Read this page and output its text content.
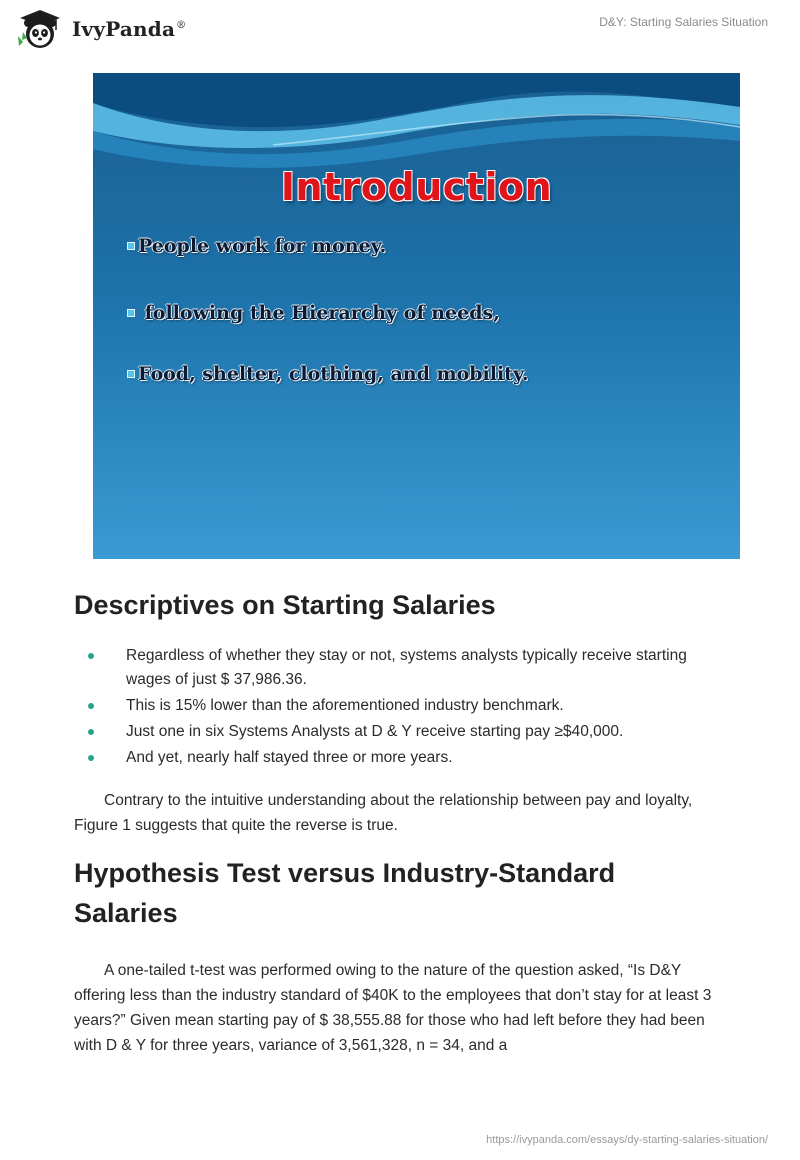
IvyPanda®	D&Y: Starting Salaries Situation
Introduction
People work for money.
following the Hierarchy of needs,
Food, shelter, clothing, and mobility.
Descriptives on Starting Salaries
Regardless of whether they stay or not, systems analysts typically receive starting wages of just $ 37,986.36.
This is 15% lower than the aforementioned industry benchmark.
Just one in six Systems Analysts at D & Y receive starting pay ≥$40,000.
And yet, nearly half stayed three or more years.

Contrary to the intuitive understanding about the relationship between pay and loyalty, Figure 1 suggests that quite the reverse is true.

Hypothesis Test versus Industry-Standard Salaries

A one-tailed t-test was performed owing to the nature of the question asked, “Is D&Y offering less than the industry standard of $40K to the employees that don’t stay for at least 3 years?” Given mean starting pay of $ 38,555.88 for those who had left before they had been with D & Y for three years, variance of 3,561,328, n = 34, and a

https://ivypanda.com/essays/dy-starting-salaries-situation/
